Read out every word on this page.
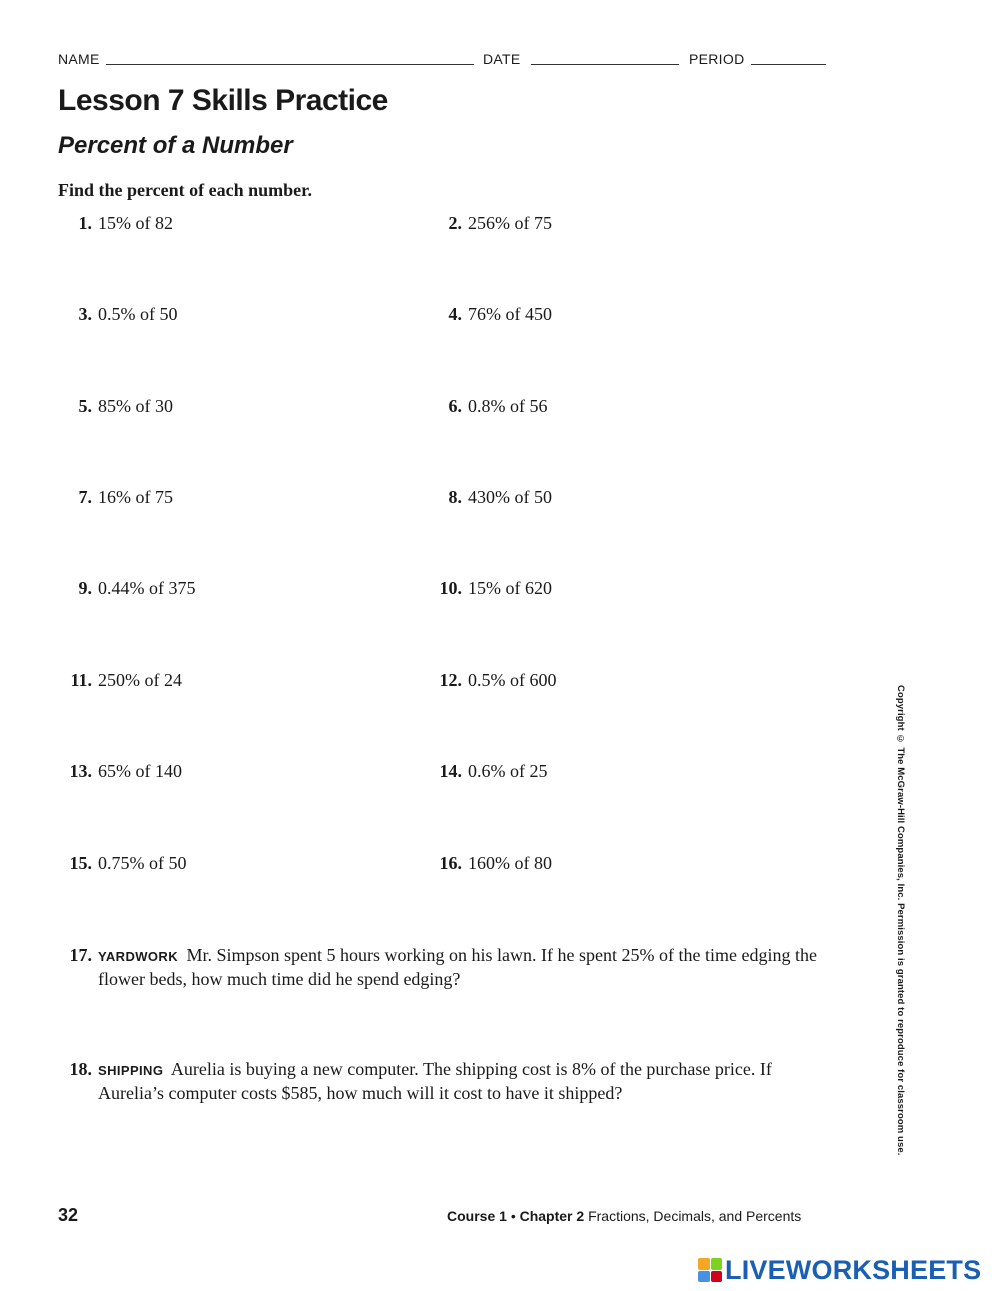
NAME	DATE	PERIOD
Lesson 7 Skills Practice
Percent of a Number
Find the percent of each number.
1. 15% of 82	2. 256% of 75
3. 0.5% of 50	4. 76% of 450
5. 85% of 30	6. 0.8% of 56
7. 16% of 75	8. 430% of 50
9. 0.44% of 375	10. 15% of 620
11. 250% of 24	12. 0.5% of 600
13. 65% of 140	14. 0.6% of 25
15. 0.75% of 50	16. 160% of 80
17. YARDWORK Mr. Simpson spent 5 hours working on his lawn. If he spent 25% of the time edging the flower beds, how much time did he spend edging?
18. SHIPPING Aurelia is buying a new computer. The shipping cost is 8% of the purchase price. If Aurelia’s computer costs $585, how much will it cost to have it shipped?	Copyright © The McGraw-Hill Companies, Inc. Permission is granted to reproduce for classroom use.
32	Course 1 • Chapter 2 Fractions, Decimals, and Percents
LIVEWORKSHEETS
